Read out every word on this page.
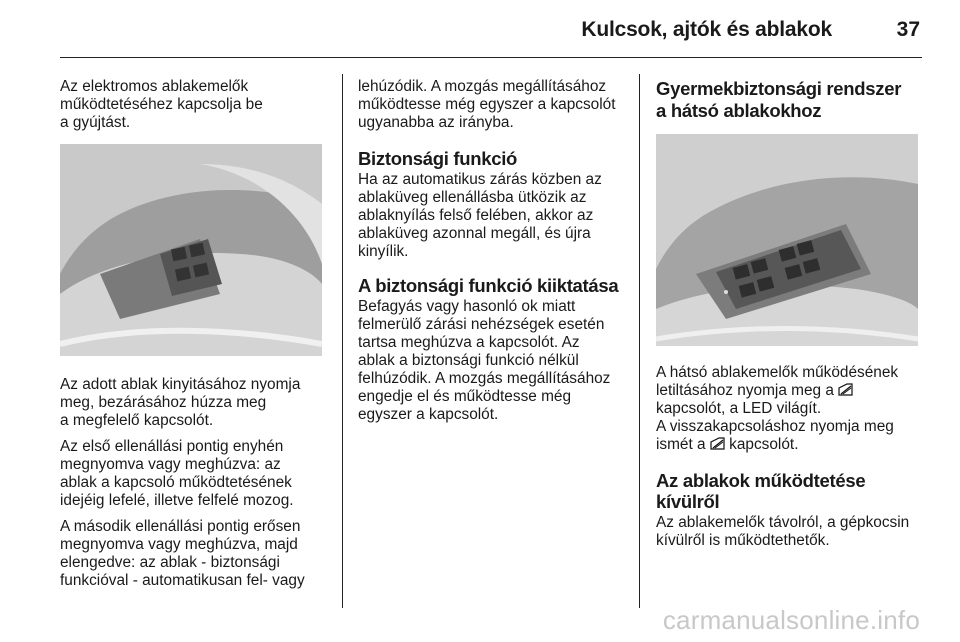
Kulcsok, ajtók és ablakok	37

Az elektromos ablakemelők
működtetéséhez kapcsolja be
a gyújtást.

Az adott ablak kinyitásához nyomja
meg, bezárásához húzza meg
a megfelelő kapcsolót.

Az első ellenállási pontig enyhén
megnyomva vagy meghúzva: az
ablak a kapcsoló működtetésének
idejéig lefelé, illetve felfelé mozog.

A második ellenállási pontig erősen
megnyomva vagy meghúzva, majd
elengedve: az ablak - biztonsági
funkcióval - automatikusan fel- vagy

lehúzódik. A mozgás megállításához
működtesse még egyszer a kapcsolót
ugyanabba az irányba.

Biztonsági funkció

Ha az automatikus zárás közben az
ablaküveg ellenállásba ütközik az
ablaknyílás felső felében, akkor az
ablaküveg azonnal megáll, és újra
kinyílik.

A biztonsági funkció kiiktatása

Befagyás vagy hasonló ok miatt
felmerülő zárási nehézségek esetén
tartsa meghúzva a kapcsolót. Az
ablak a biztonsági funkció nélkül
felhúzódik. A mozgás megállításához
engedje el és működtesse még
egyszer a kapcsolót.

Gyermekbiztonsági rendszer
a hátsó ablakokhoz

A hátsó ablakemelők működésének
letiltásához nyomja meg a
kapcsolót, a LED világít.
A visszakapcsoláshoz nyomja meg
ismét a kapcsolót.

Az ablakok működtetése
kívülről

Az ablakemelők távolról, a gépkocsin
kívülről is működtethetők.

carmanualsonline.info
